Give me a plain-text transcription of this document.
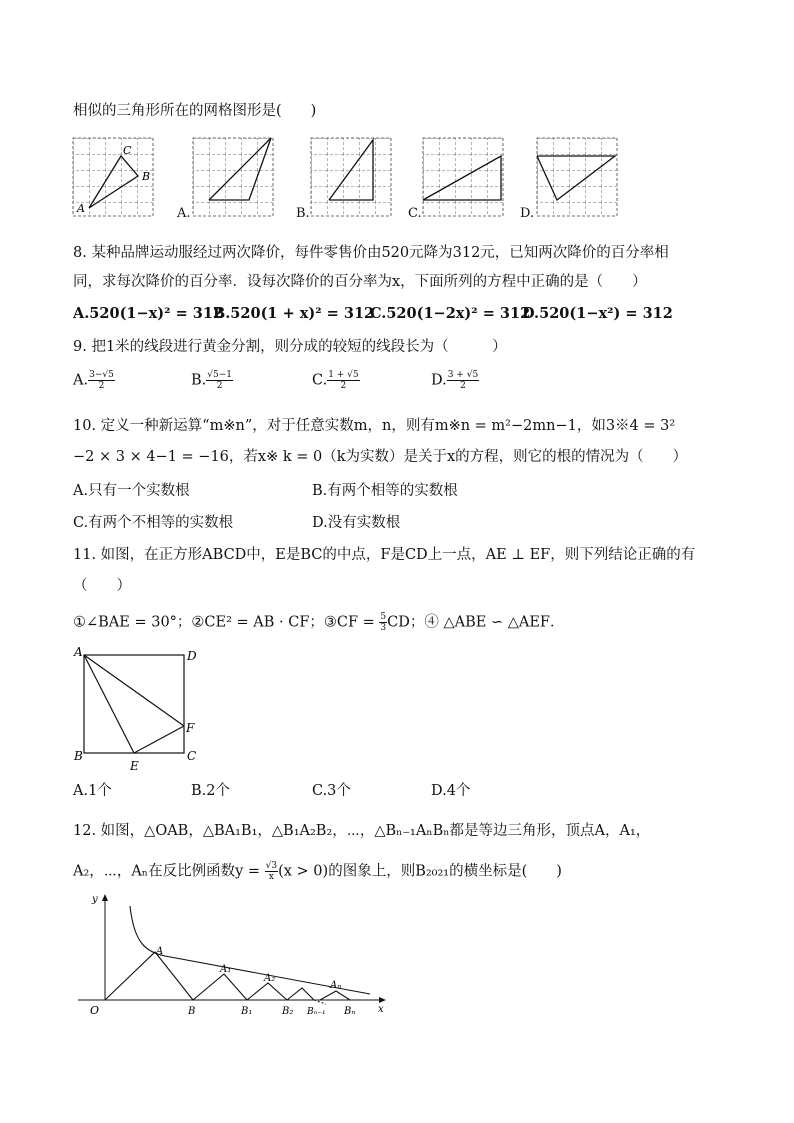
相似的三角形所在的网格图形是(　　)
C
B
A	A.	B.	C.	D.
8. 某种品牌运动服经过两次降价，每件零售价由520元降为312元，已知两次降价的百分率相
同，求每次降价的百分率．设每次降价的百分率为x，下面所列的方程中正确的是（　　）
A.520(1−x)² = 312
B.520(1 + x)² = 312
C.520(1−2x)² = 312
D.520(1−x²) = 312
9. 把1米的线段进行黄金分割，则分成的较短的线段长为（　　　）
A. $\frac{3-√5}{2}$	B. $\frac{√5-1}{2}$	C. $\frac{1 + √5}{2}$	D. $\frac{3 + √5}{2}$
10. 定义一种新运算“m※n”，对于任意实数m，n，则有m※n = m²−2mn−1，如3※4 = 3²
−2 × 3 × 4−1 = −16，若x※ k = 0（k为实数）是关于x的方程，则它的根的情况为（　　）
A.只有一个实数根	B.有两个相等的实数根
C.有两个不相等的实数根	D.没有实数根
11. 如图，在正方形ABCD中，E是BC的中点，F是CD上一点，AE ⊥ EF，则下列结论正确的有
（　　）
①∠BAE = 30°；②CE² = AB · CF；③CF = $\frac{5}{3}$ CD；④ △ABE ∽ △AEF．
A	D
B	C
F
E
A.1个	B.2个	C.3个	D.4个
12. 如图，△OAB，△BA₁B₁，△B₁A₂B₂，⋯，△Bₙ₋₁AₙBₙ都是等边三角形，顶点A，A₁，
A₂，⋯，Aₙ在反比例函数$y = \frac{√3}{x} (x > 0)$的图象上，则B₂₀₂₁的横坐标是(　　)
y
x
O
A
A₁
A₂
Aₙ
B	B₁	B₂ Bₙ₋₁ Bₙ
